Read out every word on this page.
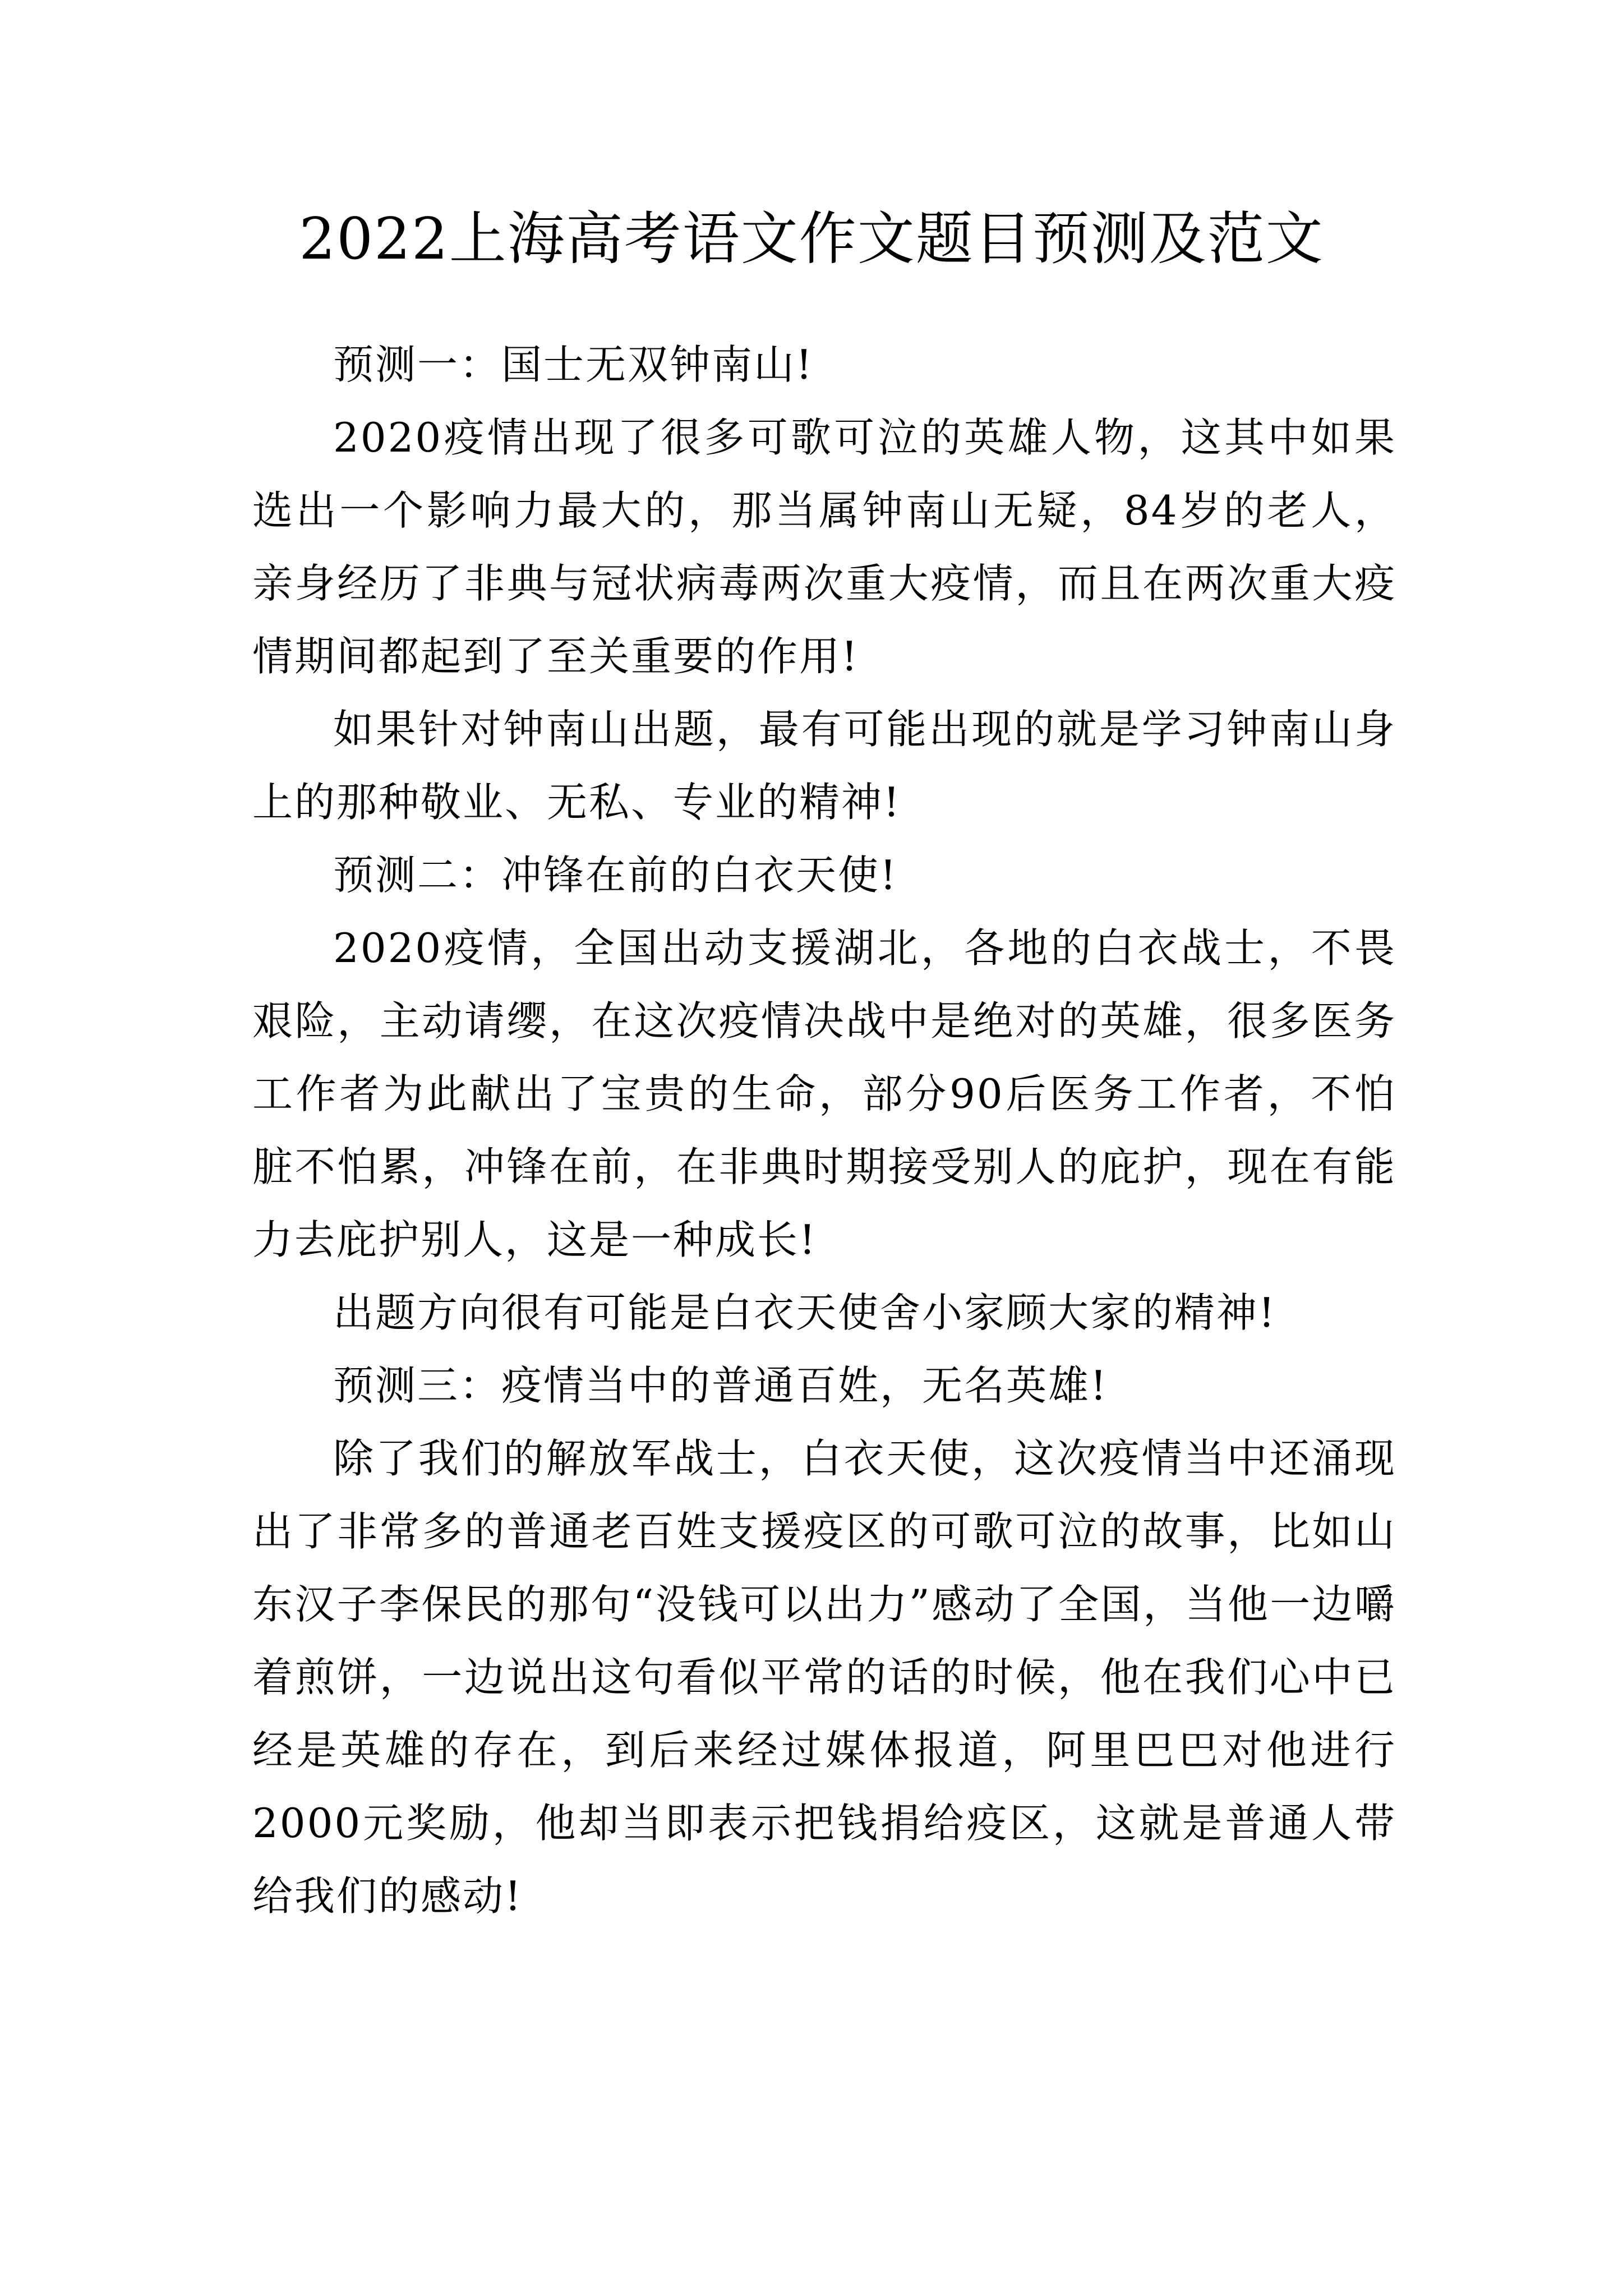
2022上海高考语文作文题目预测及范文

预测一：国士无双钟南山!

2020疫情出现了很多可歌可泣的英雄人物，这其中如果选出一个影响力最大的，那当属钟南山无疑，84岁的老人，亲身经历了非典与冠状病毒两次重大疫情，而且在两次重大疫情期间都起到了至关重要的作用!

如果针对钟南山出题，最有可能出现的就是学习钟南山身上的那种敬业、无私、专业的精神!

预测二：冲锋在前的白衣天使!

2020疫情，全国出动支援湖北，各地的白衣战士，不畏艰险，主动请缨，在这次疫情决战中是绝对的英雄，很多医务工作者为此献出了宝贵的生命，部分90后医务工作者，不怕脏不怕累，冲锋在前，在非典时期接受别人的庇护，现在有能力去庇护别人，这是一种成长!

出题方向很有可能是白衣天使舍小家顾大家的精神!

预测三：疫情当中的普通百姓，无名英雄!

除了我们的解放军战士，白衣天使，这次疫情当中还涌现出了非常多的普通老百姓支援疫区的可歌可泣的故事，比如山东汉子李保民的那句“没钱可以出力”感动了全国，当他一边嚼着煎饼，一边说出这句看似平常的话的时候，他在我们心中已经是英雄的存在，到后来经过媒体报道，阿里巴巴对他进行2000元奖励，他却当即表示把钱捐给疫区，这就是普通人带给我们的感动!
